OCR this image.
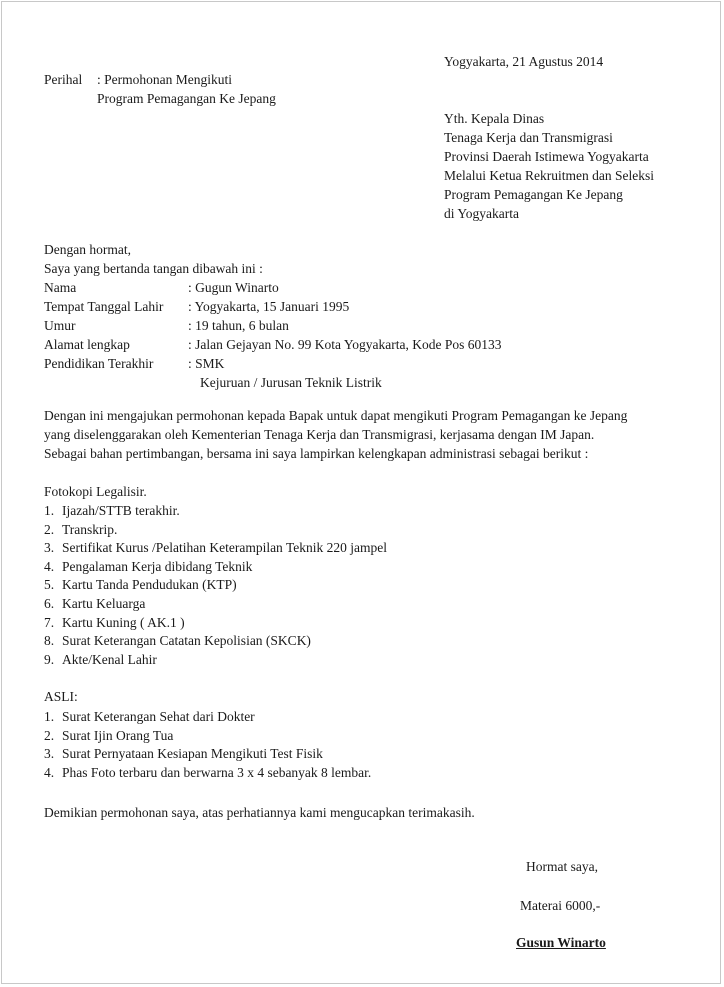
Yogyakarta, 21 Agustus 2014
Perihal : Permohonan Mengikuti
Program Pemagangan Ke Jepang
Yth. Kepala Dinas
Tenaga Kerja dan Transmigrasi
Provinsi Daerah Istimewa Yogyakarta
Melalui Ketua Rekruitmen dan Seleksi
Program Pemagangan Ke Jepang
di Yogyakarta
Dengan hormat,
Saya yang bertanda tangan dibawah ini :
Nama	: Gugun Winarto
Tempat Tanggal Lahir : Yogyakarta, 15 Januari 1995
Umur	: 19 tahun, 6 bulan
Alamat lengkap	: Jalan Gejayan No. 99 Kota Yogyakarta, Kode Pos 60133
Pendidikan Terakhir	: SMK
Kejuruan / Jurusan Teknik Listrik
Dengan ini mengajukan permohonan kepada Bapak untuk dapat mengikuti Program Pemagangan ke Jepang
yang diselenggarakan oleh Kementerian Tenaga Kerja dan Transmigrasi, kerjasama dengan IM Japan.
Sebagai bahan pertimbangan, bersama ini saya lampirkan kelengkapan administrasi sebagai berikut :
Fotokopi Legalisir.
1. Ijazah/STTB terakhir.
2. Transkrip.
3. Sertifikat Kurus /Pelatihan Keterampilan Teknik 220 jampel
4. Pengalaman Kerja dibidang Teknik
5. Kartu Tanda Pendudukan (KTP)
6. Kartu Keluarga
7. Kartu Kuning ( AK.1 )
8. Surat Keterangan Catatan Kepolisian (SKCK)
9. Akte/Kenal Lahir
ASLI:
1. Surat Keterangan Sehat dari Dokter
2. Surat Ijin Orang Tua
3. Surat Pernyataan Kesiapan Mengikuti Test Fisik
4. Phas Foto terbaru dan berwarna 3 x 4 sebanyak 8 lembar.
Demikian permohonan saya, atas perhatiannya kami mengucapkan terimakasih.
Hormat saya,
Materai 6000,-
Gusun Winarto
